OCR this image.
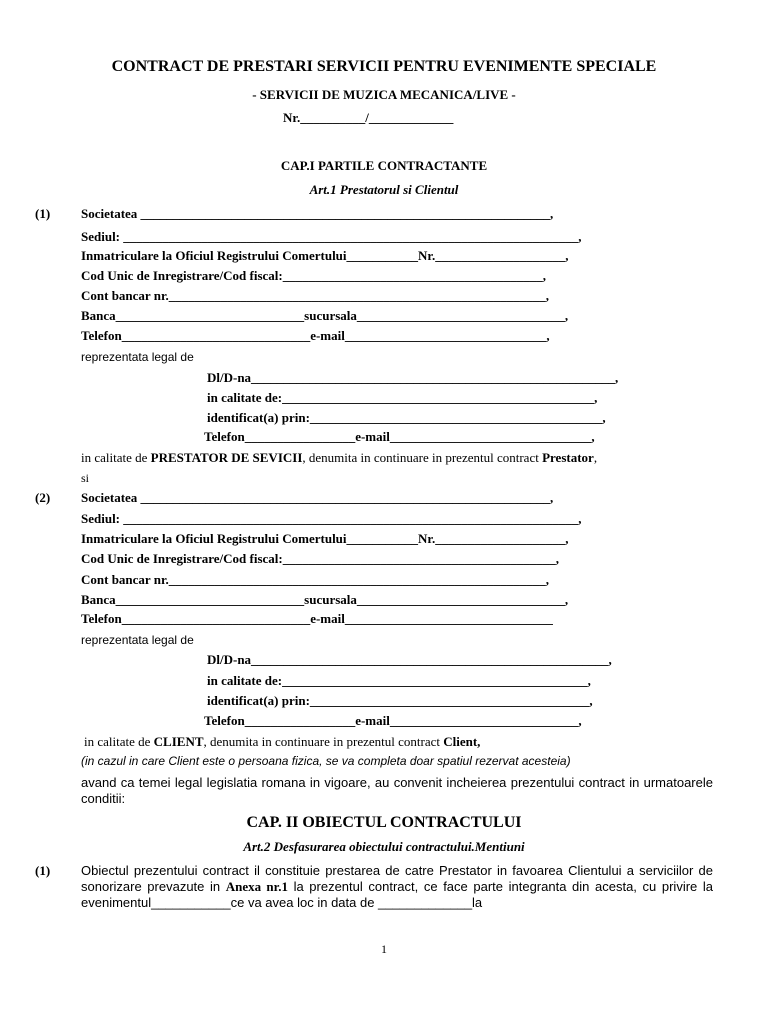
CONTRACT DE PRESTARI SERVICII PENTRU EVENIMENTE SPECIALE
- SERVICII DE MUZICA MECANICA/LIVE -
Nr.__________/_____________
CAP.I PARTILE CONTRACTANTE
Art.1 Prestatorul si Clientul
(1) Societatea _______________________________________________________________,
Sediul: ______________________________________________________________________,
Inmatriculare la Oficiul Registrului Comertului___________Nr.____________________,
Cod Unic de Inregistrare/Cod fiscal:________________________________________,
Cont bancar nr.__________________________________________________________,
Banca_____________________________sucursala________________________________,
Telefon_____________________________e-mail_______________________________,
reprezentata legal de
Dl/D-na________________________________________________________,
in calitate de:________________________________________________,
identificat(a) prin:_____________________________________________,
Telefon_________________e-mail_______________________________,
in calitate de PRESTATOR DE SEVICII, denumita in continuare in prezentul contract Prestator,
si
(2) Societatea _______________________________________________________________,
Sediul: ______________________________________________________________________,
Inmatriculare la Oficiul Registrului Comertului___________Nr.____________________,
Cod Unic de Inregistrare/Cod fiscal:__________________________________________,
Cont bancar nr.__________________________________________________________,
Banca_____________________________sucursala________________________________,
Telefon_____________________________e-mail________________________________
reprezentata legal de
Dl/D-na_______________________________________________________,
in calitate de:_______________________________________________,
identificat(a) prin:___________________________________________,
Telefon_________________e-mail_____________________________,
in calitate de CLIENT, denumita in continuare in prezentul contract Client,
(in cazul in care Client este o persoana fizica, se va completa doar spatiul rezervat acesteia)
avand ca temei legal legislatia romana in vigoare, au convenit incheierea prezentului contract in urmatoarele conditii:
CAP. II OBIECTUL CONTRACTULUI
Art.2 Desfasurarea obiectului contractului.Mentiuni
(1) Obiectul prezentului contract il constituie prestarea de catre Prestator in favoarea Clientului a serviciilor de sonorizare prevazute in Anexa nr.1 la prezentul contract, ce face parte integranta din acesta, cu privire la evenimentul___________ce va avea loc in data de _____________la
1
